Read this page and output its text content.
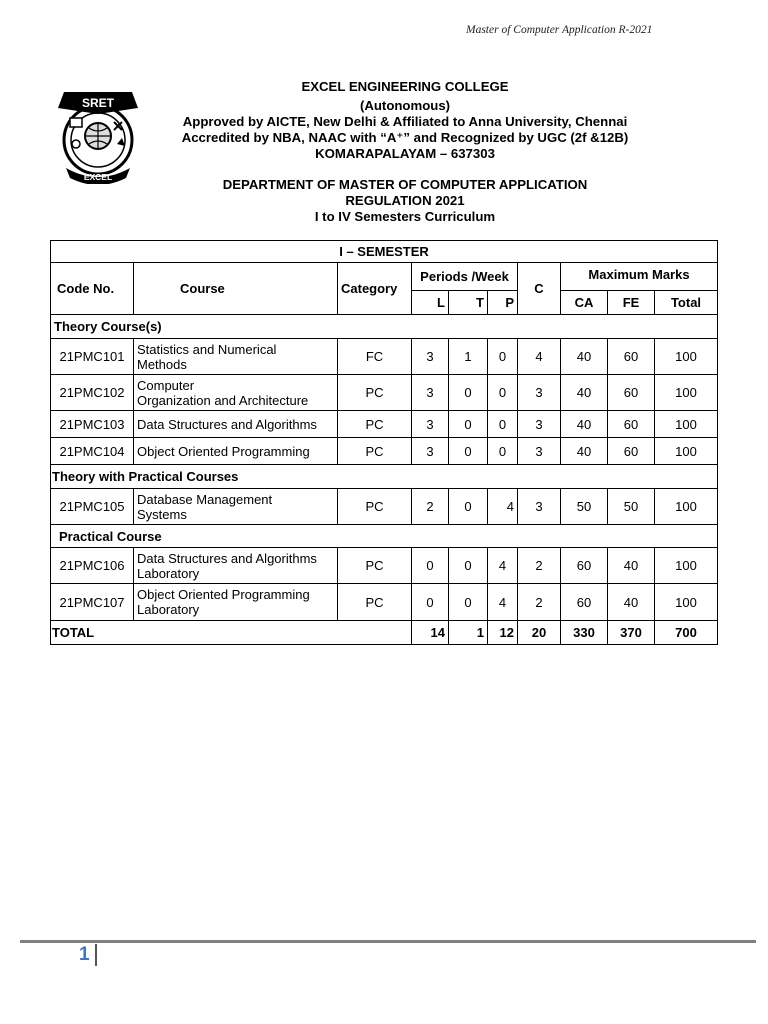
Master of Computer Application R-2021
SRET
EXCEL
EXCEL ENGINEERING COLLEGE
(Autonomous)
Approved by AICTE, New Delhi & Affiliated to Anna University, Chennai
Accredited by NBA, NAAC with “A⁺” and Recognized by UGC (2f &12B)
KOMARAPALAYAM – 637303
DEPARTMENT OF MASTER OF COMPUTER APPLICATION
REGULATION 2021
I to IV Semesters Curriculum
I – SEMESTER									
Code No.	Course	Category	Periods /Week			C	Maximum Marks		
			L	T	P		CA	FE	Total
Theory Course(s)									
21PMC101	Statistics and Numerical
Methods	FC	3	1	0	4	40	60	100
21PMC102	Computer
Organization and Architecture	PC	3	0	0	3	40	60	100
21PMC103	Data Structures and Algorithms	PC	3	0	0	3	40	60	100
21PMC104	Object Oriented Programming	PC	3	0	0	3	40	60	100
Theory with Practical Courses									
21PMC105	Database Management
Systems	PC	2	0	4	3	50	50	100
Practical Course									
21PMC106	Data Structures and Algorithms
Laboratory	PC	0	0	4	2	60	40	100
21PMC107	Object Oriented Programming
Laboratory	PC	0	0	4	2	60	40	100
TOTAL			14	1	12	20	330	370	700
1
